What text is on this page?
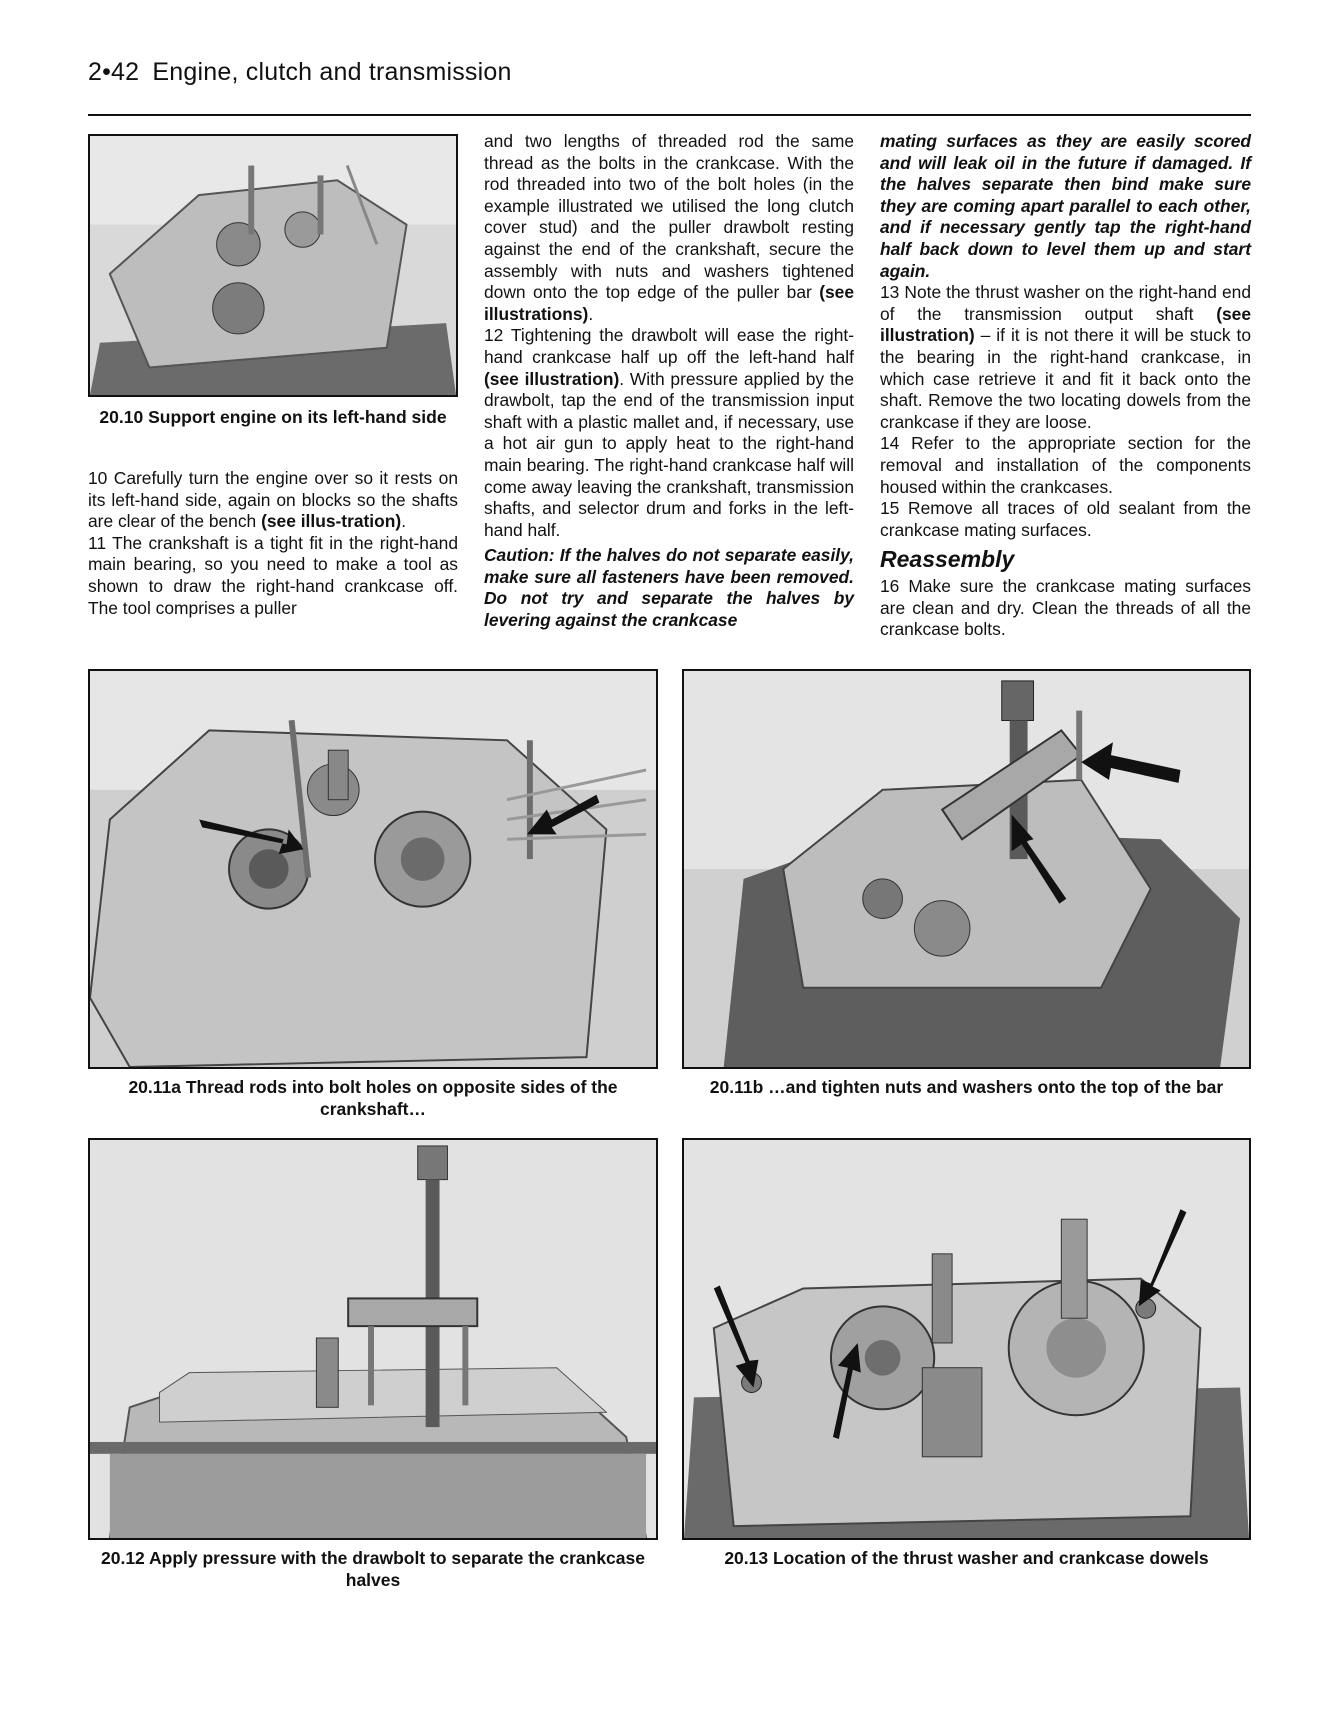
2•42 Engine, clutch and transmission
20.10 Support engine on its left-hand side

10 Carefully turn the engine over so it rests on its left-hand side, again on blocks so the shafts are clear of the bench (see illus-tration).

11 The crankshaft is a tight fit in the right-hand main bearing, so you need to make a tool as shown to draw the right-hand crankcase off. The tool comprises a puller

and two lengths of threaded rod the same thread as the bolts in the crankcase. With the rod threaded into two of the bolt holes (in the example illustrated we utilised the long clutch cover stud) and the puller drawbolt resting against the end of the crankshaft, secure the assembly with nuts and washers tightened down onto the top edge of the puller bar (see illustrations).

12 Tightening the drawbolt will ease the right-hand crankcase half up off the left-hand half (see illustration). With pressure applied by the drawbolt, tap the end of the transmission input shaft with a plastic mallet and, if necessary, use a hot air gun to apply heat to the right-hand main bearing. The right-hand crankcase half will come away leaving the crankshaft, transmission shafts, and selector drum and forks in the left-hand half.

Caution: If the halves do not separate easily, make sure all fasteners have been removed. Do not try and separate the halves by levering against the crankcase

mating surfaces as they are easily scored and will leak oil in the future if damaged. If the halves separate then bind make sure they are coming apart parallel to each other, and if necessary gently tap the right-hand half back down to level them up and start again.

13 Note the thrust washer on the right-hand end of the transmission output shaft (see illustration) – if it is not there it will be stuck to the bearing in the right-hand crankcase, in which case retrieve it and fit it back onto the shaft. Remove the two locating dowels from the crankcase if they are loose.

14 Refer to the appropriate section for the removal and installation of the components housed within the crankcases.

15 Remove all traces of old sealant from the crankcase mating surfaces.

Reassembly

16 Make sure the crankcase mating surfaces are clean and dry. Clean the threads of all the crankcase bolts.

20.11a Thread rods into bolt holes on opposite sides of the crankshaft…
20.11b …and tighten nuts and washers onto the top of the bar
20.12 Apply pressure with the drawbolt to separate the crankcase halves
20.13 Location of the thrust washer and crankcase dowels
